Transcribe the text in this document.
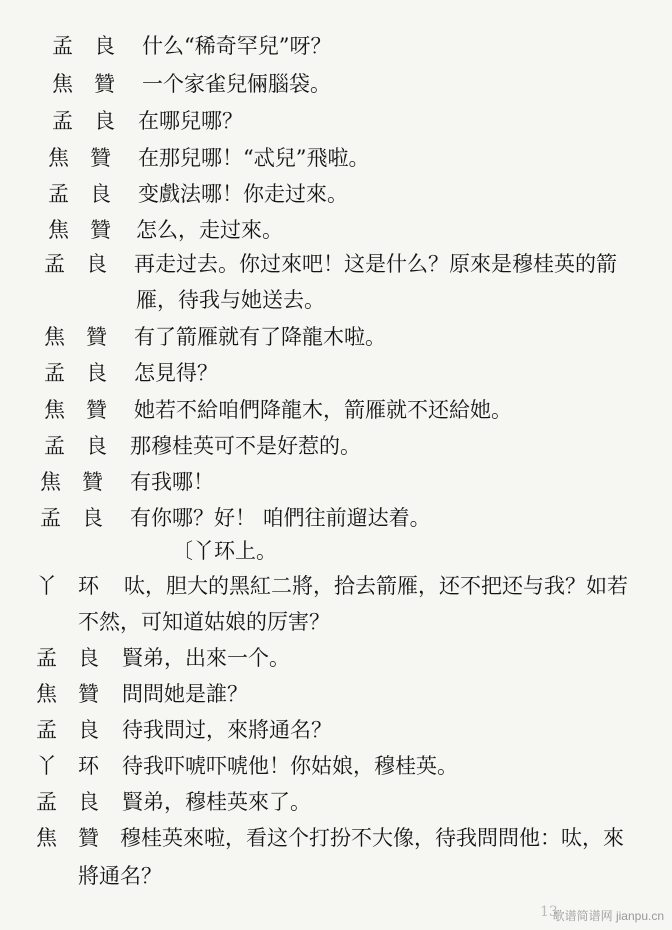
孟 良 什么“稀奇罕兒”呀？
焦 贊 一个家雀兒倆腦袋。
孟 良 在哪兒哪？
焦 贊 在那兒哪！“忒兒”飛啦。
孟 良 变戲法哪！你走过來。
焦 贊 怎么，走过來。
孟 良 再走过去。你过來吧！这是什么？原來是穆桂英的箭
雁，待我与她送去。
焦 贊 有了箭雁就有了降龍木啦。
孟 良 怎見得？
焦 贊 她若不給咱們降龍木，箭雁就不还給她。
孟 良 那穆桂英可不是好惹的。
焦 贊 有我哪！
孟 良 有你哪？好！ 咱們往前遛达着。
〔丫环上。
丫 环 呔，胆大的黑紅二將，拾去箭雁，还不把还与我？如若
不然，可知道姑娘的厉害？
孟 良 賢弟，出來一个。
焦 贊 問問她是誰？
孟 良 待我問过，來將通名？
丫 环 待我吓唬吓唬他！你姑娘，穆桂英。
孟 良 賢弟，穆桂英來了。
焦 贊 穆桂英來啦，看这个打扮不大像，待我問問他：呔，來
將通名？
13
歌谱简谱网 jianpu.cn
